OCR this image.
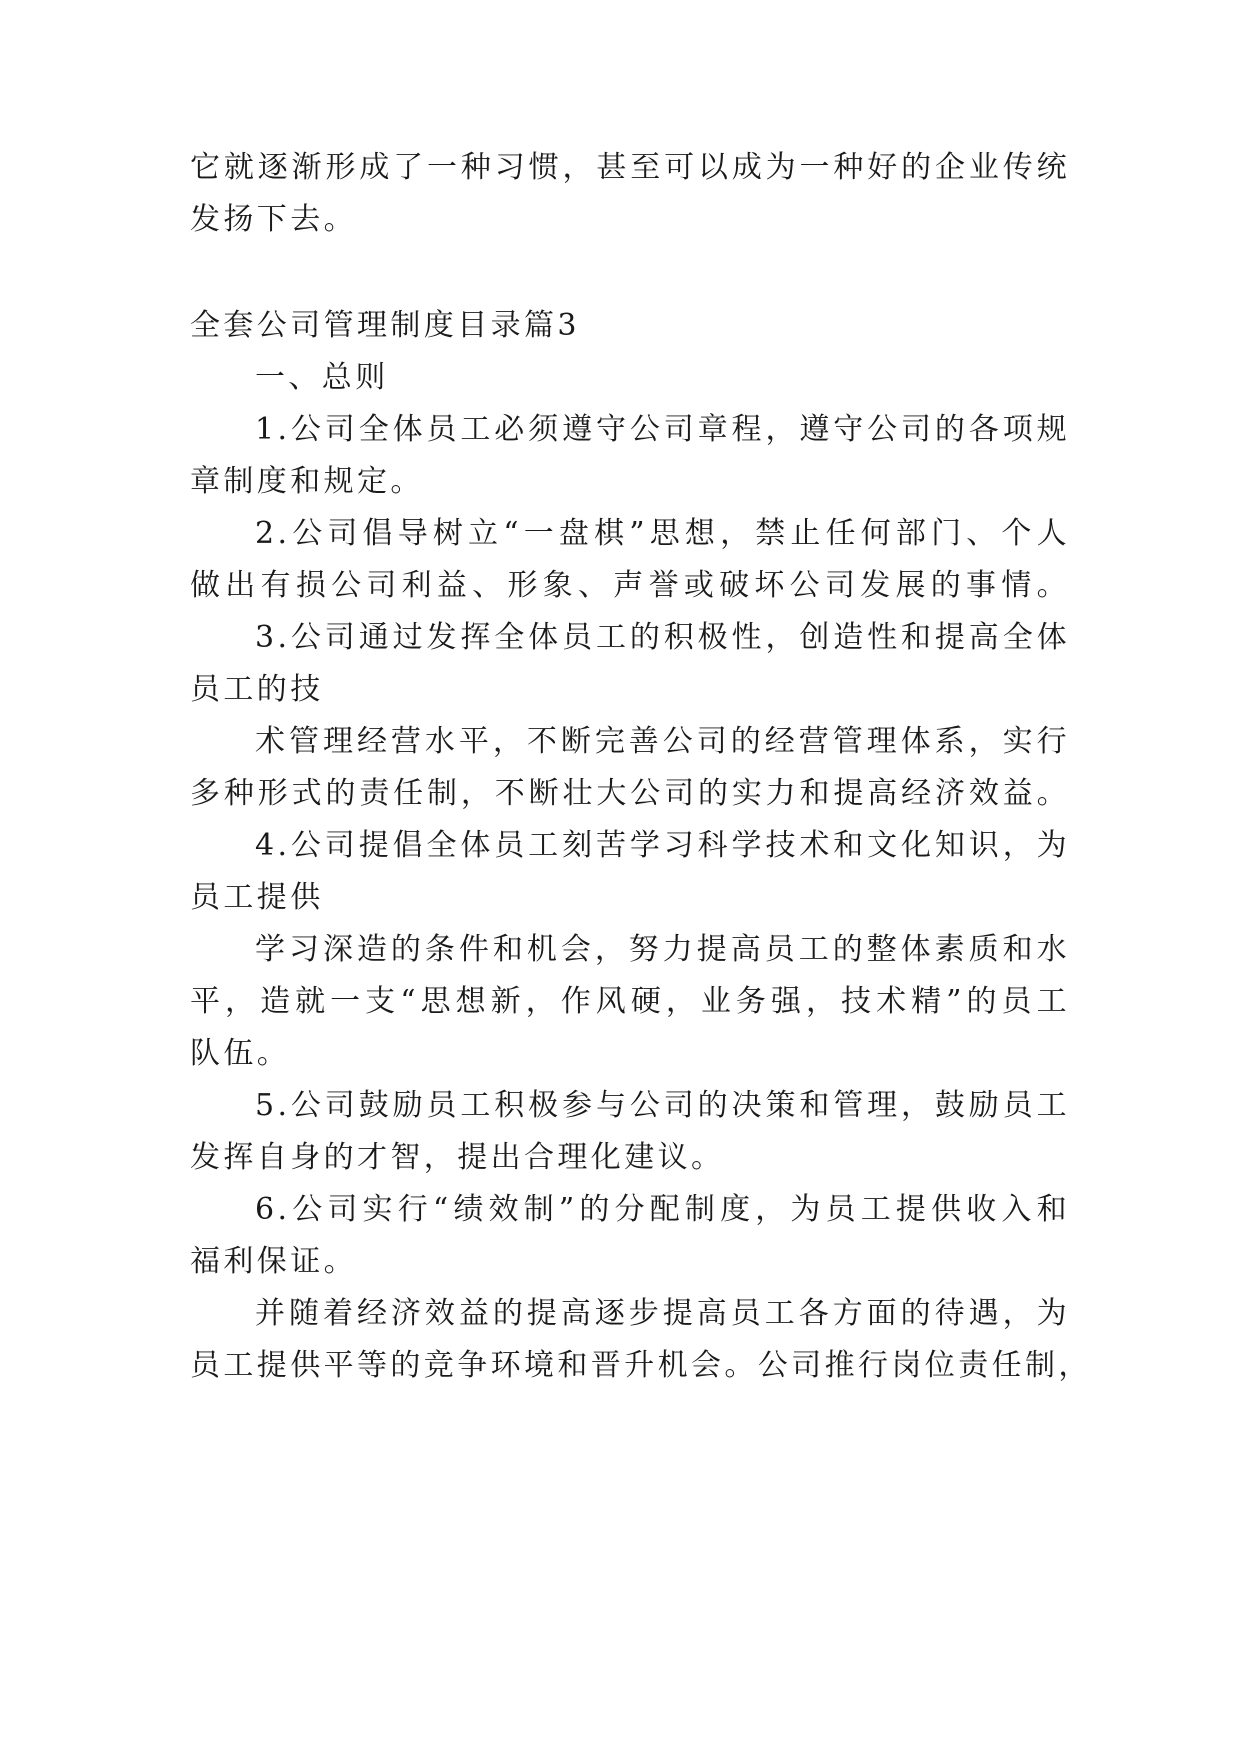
它就逐渐形成了一种习惯，甚至可以成为一种好的企业传统
发扬下去。
全套公司管理制度目录篇3
一、总则
1.公司全体员工必须遵守公司章程，遵守公司的各项规
章制度和规定。
2.公司倡导树立“一盘棋”思想，禁止任何部门、个人
做出有损公司利益、形象、声誉或破坏公司发展的事情。
3.公司通过发挥全体员工的积极性，创造性和提高全体
员工的技
术管理经营水平，不断完善公司的经营管理体系，实行
多种形式的责任制，不断壮大公司的实力和提高经济效益。
4.公司提倡全体员工刻苦学习科学技术和文化知识，为
员工提供
学习深造的条件和机会，努力提高员工的整体素质和水
平，造就一支“思想新，作风硬，业务强，技术精”的员工
队伍。
5.公司鼓励员工积极参与公司的决策和管理，鼓励员工
发挥自身的才智，提出合理化建议。
6.公司实行“绩效制”的分配制度，为员工提供收入和
福利保证。
并随着经济效益的提高逐步提高员工各方面的待遇，为
员工提供平等的竞争环境和晋升机会。公司推行岗位责任制，
